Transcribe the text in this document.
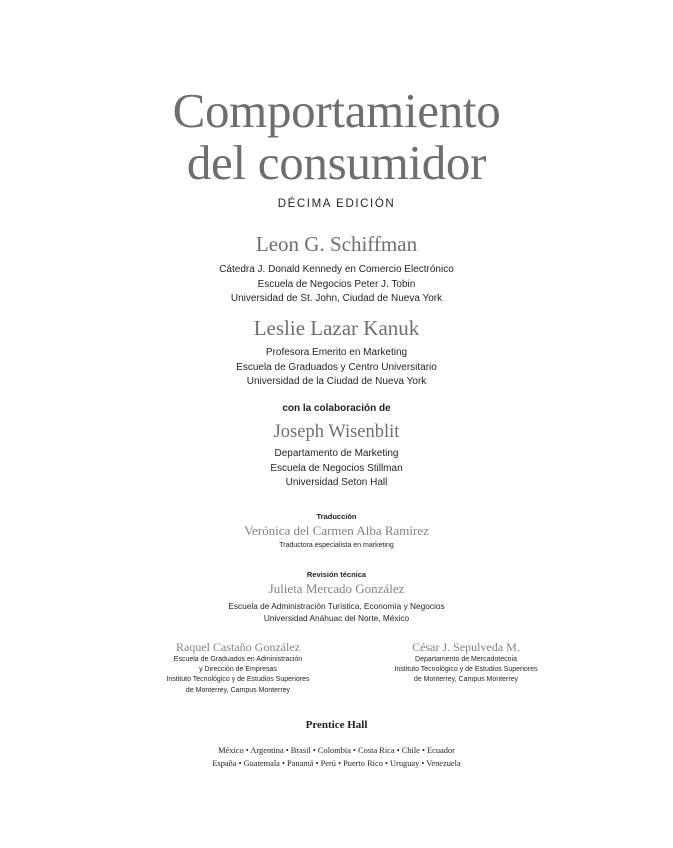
Comportamiento
del consumidor
DÉCIMA EDICIÓN
Leon G. Schiffman
Cátedra J. Donald Kennedy en Comercio Electrónico
Escuela de Negocios Peter J. Tobin
Universidad de St. John, Ciudad de Nueva York
Leslie Lazar Kanuk
Profesora Emerito en Marketing
Escuela de Graduados y Centro Universitario
Universidad de la Ciudad de Nueva York
con la colaboración de
Joseph Wisenblit
Departamento de Marketing
Escuela de Negocios Stillman
Universidad Seton Hall
Traducción
Verónica del Carmen Alba Ramírez
Traductora especialista en marketing
Revisión técnica
Julieta Mercado González
Escuela de Administración Turística, Economía y Negocios
Universidad Anáhuac del Norte, México
Raquel Castaño González
Escuela de Graduados en Administración
y Dirección de Empresas
Instituto Tecnológico y de Estudios Superiores
de Monterrey, Campus Monterrey
César J. Sepulveda M.
Departamento de Mercadotecnia
Instituto Tecnológico y de Estudios Superiores
de Monterrey, Campus Monterrey
Prentice Hall
México • Argentina • Brasil • Colombia • Costa Rica • Chile • Ecuador
España • Guatemala • Panamá • Perú • Puerto Rico • Uruguay • Venezuela
